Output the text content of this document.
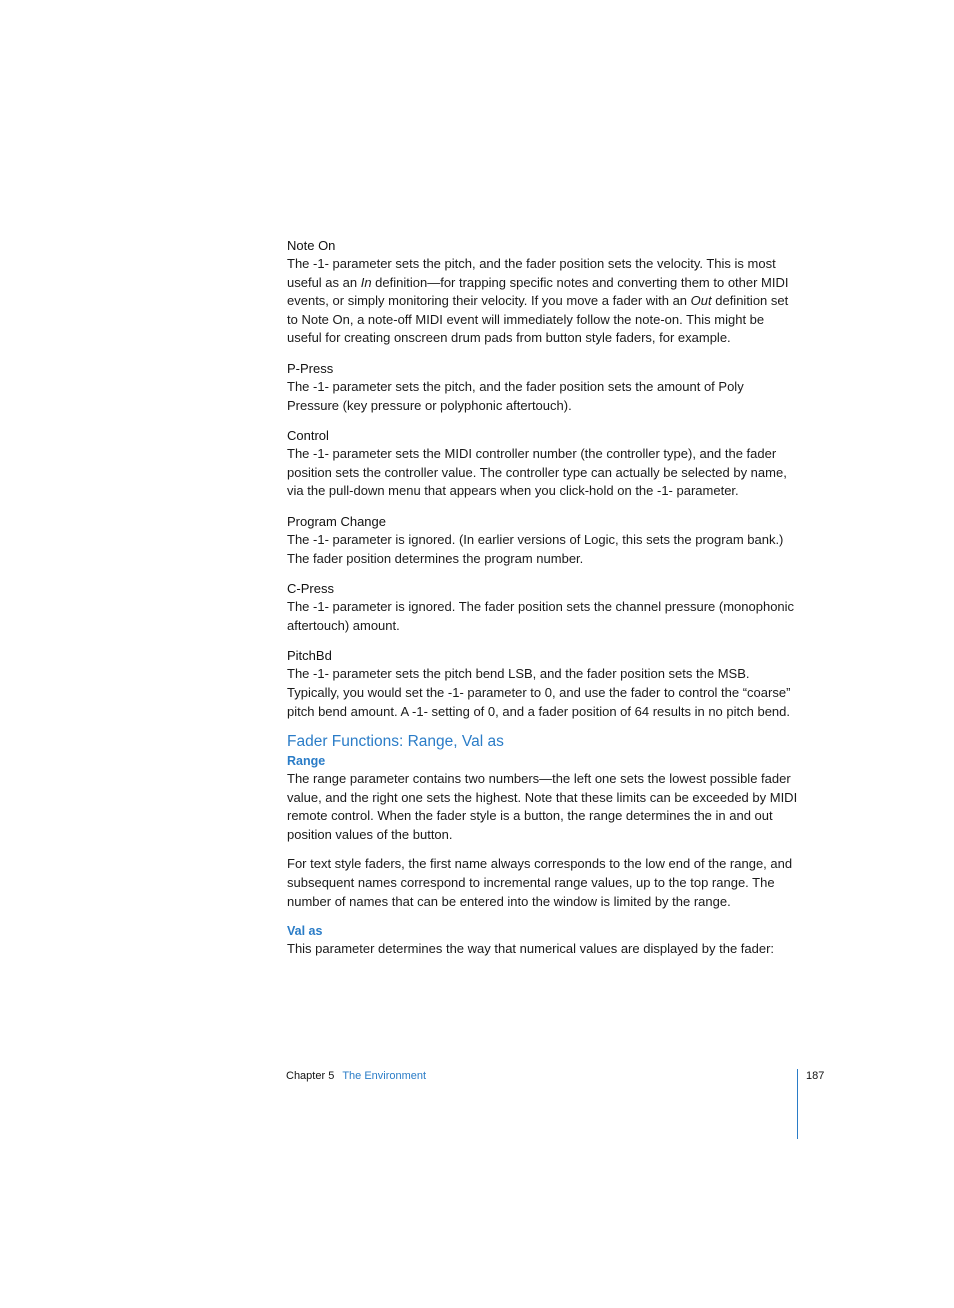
Note On

The -1- parameter sets the pitch, and the fader position sets the velocity. This is most useful as an In definition—for trapping specific notes and converting them to other MIDI events, or simply monitoring their velocity. If you move a fader with an Out definition set to Note On, a note-off MIDI event will immediately follow the note-on. This might be useful for creating onscreen drum pads from button style faders, for example.

P-Press

The -1- parameter sets the pitch, and the fader position sets the amount of Poly Pressure (key pressure or polyphonic aftertouch).

Control

The -1- parameter sets the MIDI controller number (the controller type), and the fader position sets the controller value. The controller type can actually be selected by name, via the pull-down menu that appears when you click-hold on the -1- parameter.

Program Change

The -1- parameter is ignored. (In earlier versions of Logic, this sets the program bank.) The fader position determines the program number.

C-Press

The -1- parameter is ignored. The fader position sets the channel pressure (monophonic aftertouch) amount.

PitchBd

The -1- parameter sets the pitch bend LSB, and the fader position sets the MSB. Typically, you would set the -1- parameter to 0, and use the fader to control the “coarse” pitch bend amount. A -1- setting of 0, and a fader position of 64 results in no pitch bend.

Fader Functions: Range, Val as
Range

The range parameter contains two numbers—the left one sets the lowest possible fader value, and the right one sets the highest. Note that these limits can be exceeded by MIDI remote control. When the fader style is a button, the range determines the in and out position values of the button.

For text style faders, the first name always corresponds to the low end of the range, and subsequent names correspond to incremental range values, up to the top range. The number of names that can be entered into the window is limited by the range.

Val as

This parameter determines the way that numerical values are displayed by the fader:

Chapter 5 The Environment	187
